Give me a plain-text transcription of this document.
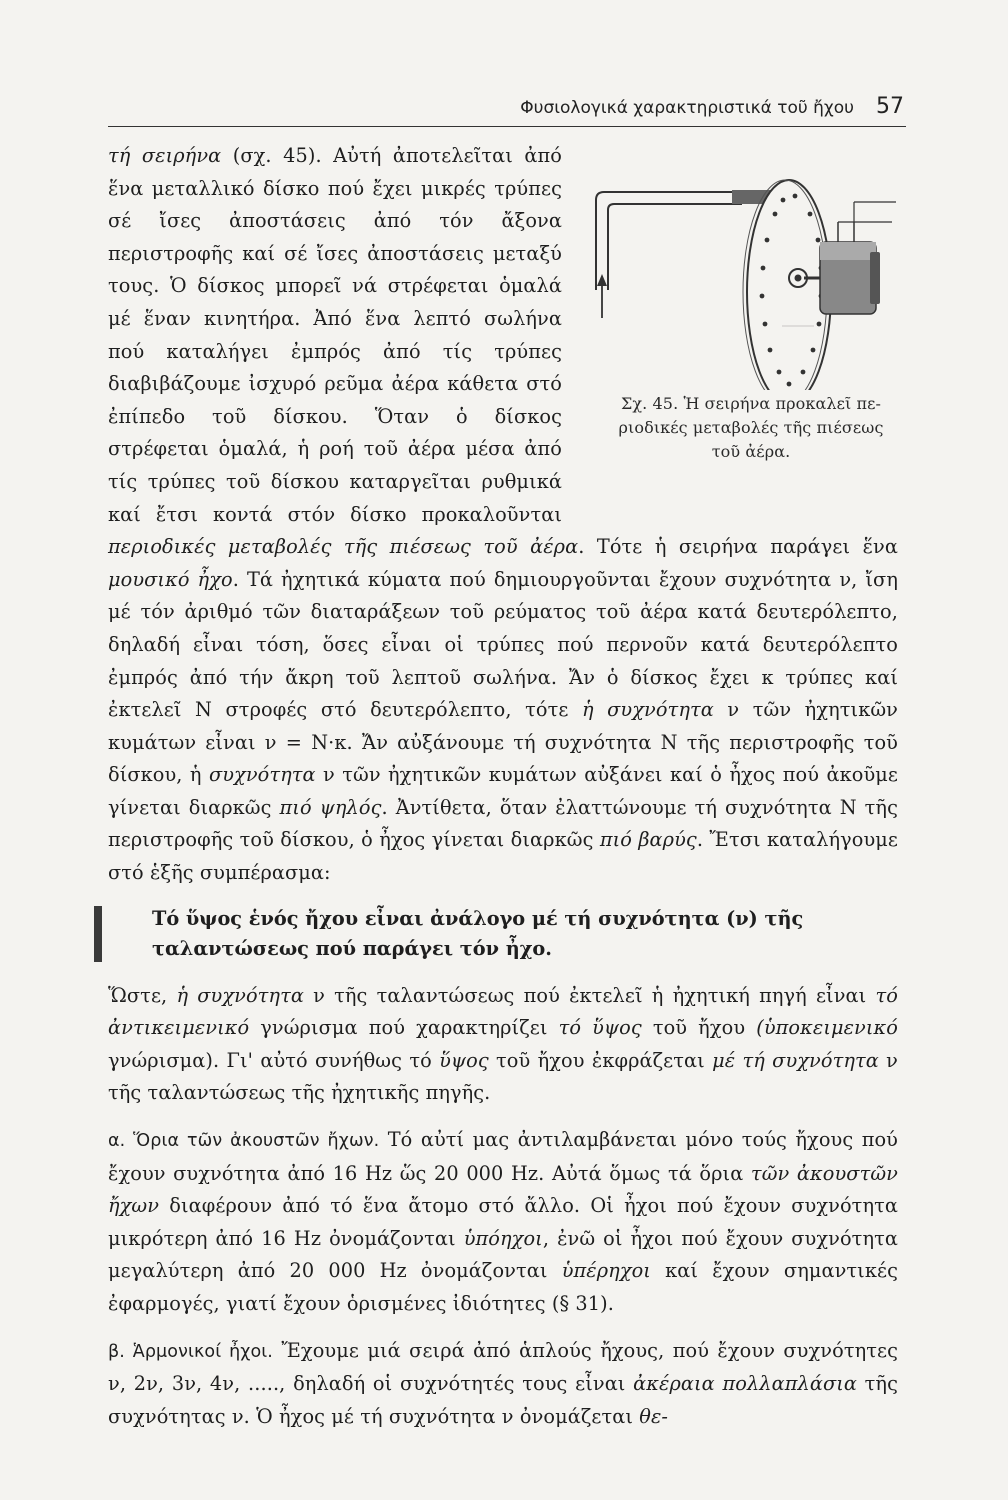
Φυσιολογικά χαρακτηριστικά τοῦ ἤχου 57

Σχ. 45. Ἡ σειρήνα προκαλεῖ πε-
ριοδικές μεταβολές τῆς πιέσεως
τοῦ ἀέρα.
τή σειρήνα (σχ. 45). Αὐτή ἀποτελεῖται ἀπό ἕνα μεταλλικό δίσκο πού ἔχει μικρές τρύπες σέ ἴσες ἀποστάσεις ἀπό τόν ἄξονα περιστροφῆς καί σέ ἴσες ἀποστάσεις μεταξύ τους. Ὁ δίσκος μπορεῖ νά στρέφεται ὁμαλά μέ ἕναν κινητήρα. Ἀπό ἕνα λεπτό σωλήνα πού καταλήγει ἐμπρός ἀπό τίς τρύπες διαβιβάζουμε ἰσχυρό ρεῦμα ἀέρα κάθετα στό ἐπίπεδο τοῦ δίσκου. Ὅταν ὁ δίσκος στρέφεται ὁμαλά, ἡ ροή τοῦ ἀέρα μέσα ἀπό τίς τρύπες τοῦ δίσκου καταργεῖται ρυθμικά καί ἔτσι κοντά στόν δίσκο προκαλοῦνται περιοδικές μεταβολές τῆς πιέσεως τοῦ ἀέρα. Τότε ἡ σειρήνα παράγει ἕνα μουσικό ἦχο. Τά ἠχητικά κύματα πού δημιουργοῦνται ἔχουν συχνότητα ν, ἴση μέ τόν ἀριθμό τῶν διαταράξεων τοῦ ρεύματος τοῦ ἀέρα κατά δευτερόλεπτο, δηλαδή εἶναι τόση, ὅσες εἶναι οἱ τρύπες πού περνοῦν κατά δευτερόλεπτο ἐμπρός ἀπό τήν ἄκρη τοῦ λεπτοῦ σωλήνα. Ἄν ὁ δίσκος ἔχει κ τρύπες καί ἐκτελεῖ Ν στροφές στό δευτερόλεπτο, τότε ἡ συχνότητα ν τῶν ἠχητικῶν κυμάτων εἶναι ν = Ν·κ. Ἄν αὐξάνουμε τή συχνότητα Ν τῆς περιστροφῆς τοῦ δίσκου, ἡ συχνότητα ν τῶν ἠχητικῶν κυμάτων αὐξάνει καί ὁ ἦχος πού ἀκοῦμε γίνεται διαρκῶς πιό ψηλός. Ἀντίθετα, ὅταν ἐλαττώνουμε τή συχνότητα Ν τῆς περιστροφῆς τοῦ δίσκου, ὁ ἦχος γίνεται διαρκῶς πιό βαρύς. Ἔτσι καταλήγουμε στό ἑξῆς συμπέρασμα:

Τό ὕψος ἑνός ἤχου εἶναι ἀνάλογο μέ τή συχνότητα (ν) τῆς ταλαντώσεως πού παράγει τόν ἦχο.

Ὥστε, ἡ συχνότητα ν τῆς ταλαντώσεως πού ἐκτελεῖ ἡ ἠχητική πηγή εἶναι τό ἀντικειμενικό γνώρισμα πού χαρακτηρίζει τό ὕψος τοῦ ἤχου (ὑποκειμενικό γνώρισμα). Γι' αὐτό συνήθως τό ὕψος τοῦ ἤχου ἐκφράζεται μέ τή συχνότητα ν τῆς ταλαντώσεως τῆς ἠχητικῆς πηγῆς.

α. Ὅρια τῶν ἀκουστῶν ἤχων. Τό αὐτί μας ἀντιλαμβάνεται μόνο τούς ἤχους πού ἔχουν συχνότητα ἀπό 16 Hz ὥς 20 000 Hz. Αὐτά ὅμως τά ὅρια τῶν ἀκουστῶν ἤχων διαφέρουν ἀπό τό ἕνα ἄτομο στό ἄλλο. Οἱ ἦχοι πού ἔχουν συχνότητα μικρότερη ἀπό 16 Hz ὀνομάζονται ὑπόηχοι, ἐνῶ οἱ ἦχοι πού ἔχουν συχνότητα μεγαλύτερη ἀπό 20 000 Hz ὀνομάζονται ὑπέρηχοι καί ἔχουν σημαντικές ἐφαρμογές, γιατί ἔχουν ὁρισμένες ἰδιότητες (§ 31).

β. Ἁρμονικοί ἦχοι. Ἔχουμε μιά σειρά ἀπό ἁπλούς ἤχους, πού ἔχουν συχνότητες ν, 2ν, 3ν, 4ν, ....., δηλαδή οἱ συχνότητές τους εἶναι ἀκέραια πολλαπλάσια τῆς συχνότητας ν. Ὁ ἦχος μέ τή συχνότητα ν ὀνομάζεται θε-
